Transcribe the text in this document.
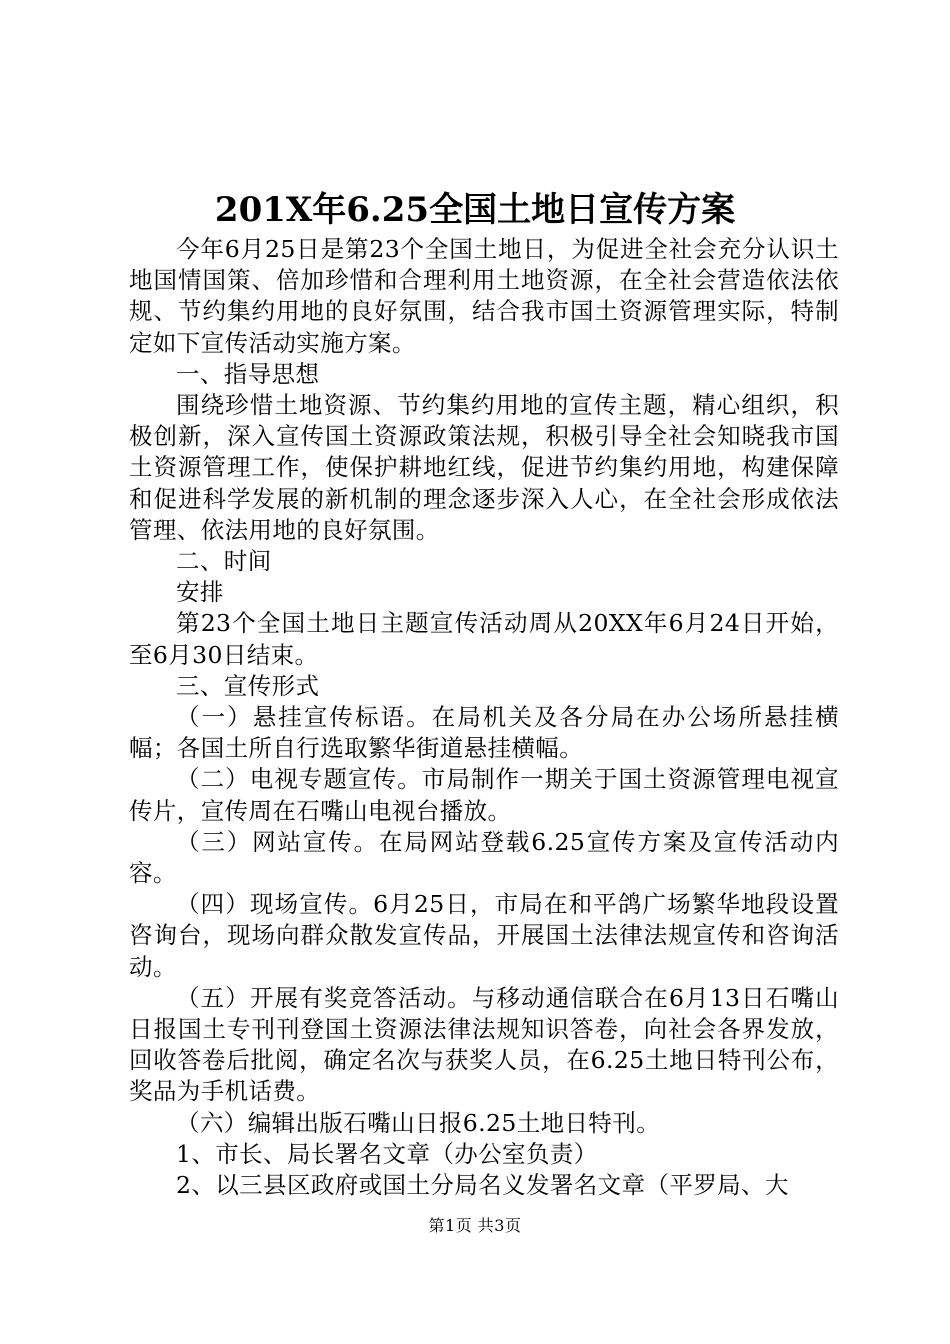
201X年6.25全国土地日宣传方案

今年6月25日是第23个全国土地日，为促进全社会充分认识土地国情国策、倍加珍惜和合理利用土地资源，在全社会营造依法依规、节约集约用地的良好氛围，结合我市国土资源管理实际，特制定如下宣传活动实施方案。

一、指导思想

围绕珍惜土地资源、节约集约用地的宣传主题，精心组织，积极创新，深入宣传国土资源政策法规，积极引导全社会知晓我市国土资源管理工作，使保护耕地红线，促进节约集约用地，构建保障和促进科学发展的新机制的理念逐步深入人心，在全社会形成依法管理、依法用地的良好氛围。

二、时间

安排

第23个全国土地日主题宣传活动周从20XX年6月24日开始，至6月30日结束。

三、宣传形式

（一）悬挂宣传标语。在局机关及各分局在办公场所悬挂横幅；各国土所自行选取繁华街道悬挂横幅。

（二）电视专题宣传。市局制作一期关于国土资源管理电视宣传片，宣传周在石嘴山电视台播放。

（三）网站宣传。在局网站登载6.25宣传方案及宣传活动内容。

（四）现场宣传。6月25日，市局在和平鸽广场繁华地段设置咨询台，现场向群众散发宣传品，开展国土法律法规宣传和咨询活动。

（五）开展有奖竞答活动。与移动通信联合在6月13日石嘴山日报国土专刊刊登国土资源法律法规知识答卷，向社会各界发放，回收答卷后批阅，确定名次与获奖人员，在6.25土地日特刊公布，奖品为手机话费。

（六）编辑出版石嘴山日报6.25土地日特刊。

1、市长、局长署名文章（办公室负责）

2、以三县区政府或国土分局名义发署名文章（平罗局、大

第1页 共3页
